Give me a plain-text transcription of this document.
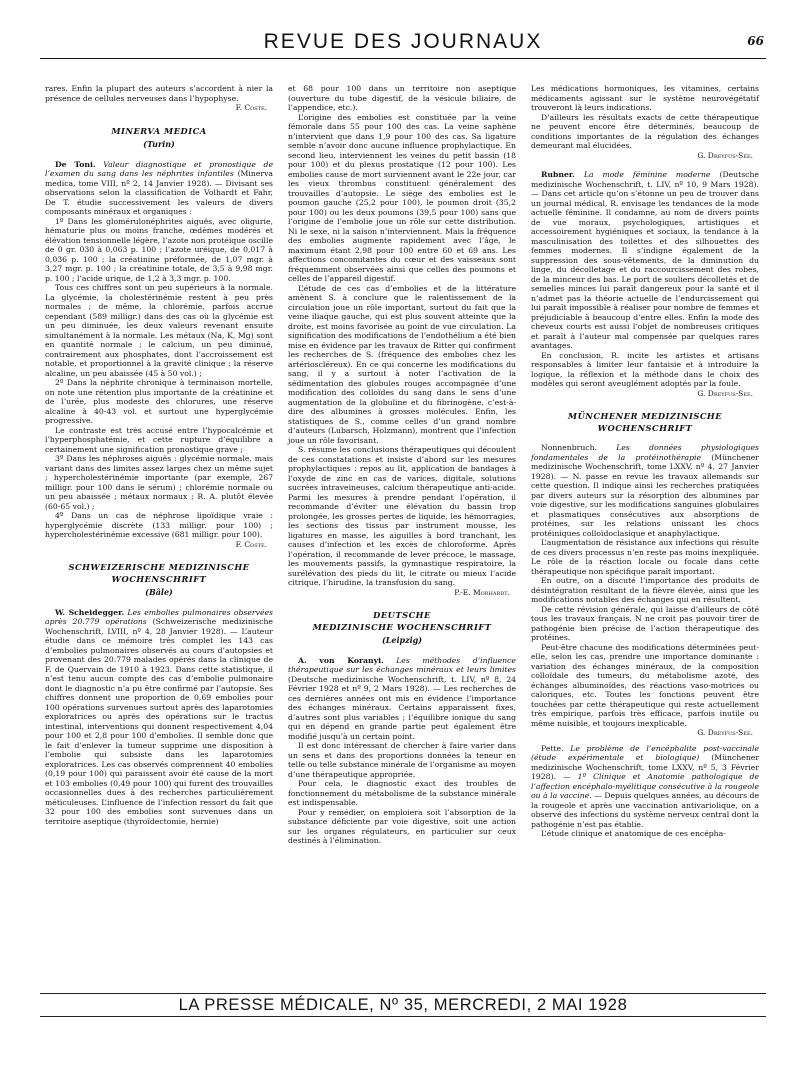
REVUE DES JOURNAUX	66

rares. Enfin la plupart des auteurs s’accordent à nier la présence de cellules nerveuses dans l’hypophyse.

F. Coste.
MINERVA MEDICA
(Turin)

De Toni. Valeur diagnostique et pronostique de l’examen du sang dans les néphrites infantiles (Minerva medica, tome VIII, nº 2, 14 Janvier 1928). — Divisant ses observations selon la classification de Volhardt et Fahr, De T. étudie successivement les valeurs de divers composants minéraux et organiques :

1º Dans les glomérulonéphrites aiguës, avec oligurie, hématurie plus ou moins franche, œdèmes modérés et élévation tensionnelle légère, l’azote non protéique oscille de 0 gr. 030 à 0,063 p. 100 ; l’azote uréique, de 0,017 à 0,036 p. 100 ; la créatinine préformée, de 1,07 mgr. à 3,27 mgr. p. 100 ; la créatinine totale, de 3,5 à 9,98 mgr. p. 100 ; l’acide urique, de 1,2 à 3,3 mgr. p. 100.

Tous ces chiffres sont un peu supérieurs à la normale. La glycémie, la cholestérinémie restent à peu près normales ; de même, la chlorémie, parfois accrue cependant (589 milligr.) dans des cas où la glycémie est un peu diminuée, les deux valeurs revenant ensuite simultanément à la normale. Les métaux (Na, K, Mg) sont en quantité normale ; le calcium, un peu diminué, contrairement aux phosphates, dont l’accroissement est notable, et proportionnel à la gravité clinique ; la réserve alcaline, un peu abaissée (45 à 50 vol.) ;

2º Dans la néphrite chronique à terminaison mortelle, on note une rétention plus importante de la créatinine et de l’urée, plus modeste des chlorures, une réserve alcaline à 40-43 vol. et surtout une hyperglycémie progressive.

Le contraste est très accusé entre l’hypocalcémie et l’hyperphosphatémie, et cette rupture d’équilibre a certainement une signification pronostique grave ;

3º Dans les néphroses aiguës : glycémie normale, mais variant dans des limites assez larges chez un même sujet ; hypercholestérinémie importante (par exemple, 267 milligr. pour 100 dans le sérum) ; chlorémie normale ou un peu abaissée ; métaux normaux ; R. A. plutôt élevée (60-65 vol.) ;

4º Dans un cas de néphrose lipoïdique vraie : hyperglycémie discrète (133 milligr. pour 100) ; hypercholestérinémie excessive (681 milligr. pour 100).

F. Coste.
SCHWEIZERISCHE MEDIZINISCHE
WOCHENSCHRIFT
(Bâle)

W. Scheidegger. Les embolies pulmonaires observées après 20.779 opérations (Schweizerische medizinische Wochenschrift, LVIII, nº 4, 28 Janvier 1928). — L’auteur étudie dans ce mémoire très complet les 143 cas d’embolies pulmonaires observés au cours d’autopsies et provenant des 20.779 malades opérés dans la clinique de F. de Quervain de 1910 à 1923. Dans cette statistique, il n’est tenu aucun compte des cas d’embolie pulmonaire dont le diagnostic n’a pu être confirmé par l’autopsie. Ses chiffres donnent une proportion de 0,69 embolies pour 100 opérations survenues surtout après des laparotomies exploratrices ou après des opérations sur le tractus intestinal, interventions qui donnent respectivement 4,04 pour 100 et 2,8 pour 100 d’embolies. Il semble donc que le fait d’enlever la tumeur supprime une disposition à l’embolie qui subsiste dans les laparotomies exploratrices. Les cas observés comprennent 40 embolies (0,19 pour 100) qui paraissent avoir été cause de la mort et 103 embolies (0,49 pour 100) qui furent des trouvailles occasionnelles dues à des recherches particulièrement méticuleuses. L’influence de l’infection ressort du fait que 32 pour 100 des embolies sont survenues dans un territoire aseptique (thyroïdectomie, hernie)

et 68 pour 100 dans un territoire non aseptique (ouverture du tube digestif, de la vésicule biliaire, de l’appendice, etc.).

L’origine des embolies est constituée par la veine fémorale dans 55 pour 100 des cas. La veine saphène n’intervient que dans 1,9 pour 100 des cas. Sa ligature semble n’avoir donc aucune influence prophylactique. En second lieu, interviennent les veines du petit bassin (18 pour 100) et du plexus prostatique (12 pour 100). Les embolies cause de mort surviennent avant le 22e jour, car les vieux thrombus constituent généralement des trouvailles d’autopsie. Le siège des embolies est le poumon gauche (25,2 pour 100), le poumon droit (35,2 pour 100) ou les deux poumons (39,5 pour 100) sans que l’origine de l’embolie joue un rôle sur cette distribution. Ni le sexe, ni la saison n’interviennent. Mais la fréquence des embolies augmente rapidement avec l’âge, le maximum étant 2,98 pour 100 entre 60 et 69 ans. Les affections concomitantes du cœur et des vaisseaux sont fréquemment observées ainsi que celles des poumons et celles de l’appareil digestif.

L’étude de ces cas d’embolies et de la littérature amènent S. à conclure que le ralentissement de la circulation joue un rôle important, surtout du fait que la veine iliaque gauche, qui est plus souvent atteinte que la droite, est moins favorisée au point de vue circulation. La signification des modifications de l’endothélium a été bien mise en évidence par les travaux de Ritter qui confirment les recherches de S. (fréquence des embolies chez les artérioscléreux). En ce qui concerne les modifications du sang, il y a surtout à noter l’activation de la sédimentation des globules rouges accompagnée d’une modification des colloïdes du sang dans le sens d’une augmentation de la globuline et du fibrinogène, c’est-à-dire des albumines à grosses molécules. Enfin, les statistiques de S., comme celles d’un grand nombre d’auteurs (Lubarsch, Holzmann), montrent que l’infection joue un rôle favorisant.

S. résume les conclusions thérapeutiques qui découlent de ces constatations et insiste d’abord sur les mesures prophylactiques : repos au lit, application de bandages à l’oxyde de zinc en cas de varices, digitale, solutions sucrées intraveineuses, calcium thérapeutique anti-acide. Parmi les mesures à prendre pendant l’opération, il recommande d’éviter une élévation du bassin trop prolongée, les grosses pertes de liquide, les hémorragies, les sections des tissus par instrument mousse, les ligatures en masse, les aiguilles à bord tranchant, les causes d’infection et les excès de chloroforme. Après l’opération, il recommande de lever précoce, le massage, les mouvements passifs, la gymnastique respiratoire, la surélévation des pieds du lit, le citrate ou mieux l’acide citrique, l’hirudine, la transfusion du sang.

P.-E. Morhardt.
DEUTSCHE
MEDIZINISCHE WOCHENSCHRIFT
(Leipzig)

A. von Koranyi. Les méthodes d’influence thérapeutique sur les échanges minéraux et leurs limites (Deutsche medizinische Wochenschrift, t. LIV, nº 8, 24 Février 1928 et nº 9, 2 Mars 1928). — Les recherches de ces dernières années ont mis en évidence l’importance des échanges minéraux. Certains apparaissent fixes, d’autres sont plus variables ; l’équilibre ionique du sang qui en dépend en grande partie peut également être modifié jusqu’à un certain point.

Il est donc intéressant de chercher à faire varier dans un sens et dans des proportions données la teneur en telle ou telle substance minérale de l’organisme au moyen d’une thérapeutique appropriée.

Pour cela, le diagnostic exact des troubles de fonctionnement du métabolisme de la substance minérale est indispensable.

Pour y remédier, on emploiera soit l’absorption de la substance déficiente par voie digestive, soit une action sur les organes régulateurs, en particulier sur ceux destinés à l’élimination.

Les médications hormoniques, les vitamines, certains médicaments agissant sur le système neurovégétatif trouveront là leurs indications.

D’ailleurs les résultats exacts de cette thérapeutique ne peuvent encore être déterminés, beaucoup de conditions importantes de la régulation des échanges demeurant mal élucidées.

G. Dreyfus-Sée.

Rubner. La mode féminine moderne (Deutsche medizinische Wochenschrift, t. LIV, nº 10, 9 Mars 1928). — Dans cet article qu’on s’étonne un peu de trouver dans un journal médical, R. envisage les tendances de la mode actuelle féminine. Il condamne, au nom de divers points de vue moraux, psychologiques, artistiques et accessoirement hygiéniques et sociaux, la tendance à la masculinisation des toilettes et des silhouettes des femmes modernes. Il s’indigne également de la suppression des sous-vêtements, de la diminution du linge, du décolletage et du raccourcissement des robes, de la minceur des bas. Le port de souliers décolletés et de semelles minces lui paraît dangereux pour la santé et il n’admet pas la théorie actuelle de l’endurcissement qui lui paraît impossible à réaliser pour nombre de femmes et préjudiciable à beaucoup d’entre elles. Enfin la mode des cheveux courts est aussi l’objet de nombreuses critiques et paraît à l’auteur mal compensée par quelques rares avantages.

En conclusion, R. incite les artistes et artisans responsables à limiter leur fantaisie et à introduire la logique, la réflexion et la méthode dans le choix des modèles qui seront aveuglément adoptés par la foule.

G. Dreyfus-Sée.
MÜNCHENER MEDIZINISCHE
WOCHENSCHRIFT

Nonnenbruch.	Les données physiologiques fondamentales de la protéinothérapie (Münchener medizinische Wochenschrift, tome LXXV, nº 4, 27 Janvier 1928). — N. passe en revue les travaux allemands sur cette question. Il indique ainsi les recherches pratiquées par divers auteurs sur la résorption des albumines par voie digestive, sur les modifications sanguines globulaires et plasmatiques consécutives aux absorptions de protéines, sur les relations unissant les chocs protéiniques colloïdoclasique et anaphylactique.

L’augmentation de résistance aux infections qui résulte de ces divers processus n’en reste pas moins inexpliquée. Le rôle de la réaction locale ou focale dans cette thérapeutique non spécifique paraît important.

En outre, on a discuté l’importance des produits de désintégration résultant de la fièvre élevée, ainsi que les modifications notables des échanges qui en résultent.

De cette révision générale, qui laisse d’ailleurs de côté tous les travaux français, N ne croit pas pouvoir tirer de pathogénie bien précise de l’action thérapeutique des protéines.

Peut-être chacune des modifications déterminées peut-elle, selon les cas, prendre une importance dominante : variation des échanges minéraux, de la composition colloïdale des tumeurs, du métabolisme azoté, des échanges albuminoïdes, des réactions vaso-motrices ou caloriques, etc. Toutes les fonctions peuvent être touchées par cette thérapeutique qui reste actuellement très empirique, parfois très efficace, parfois inutile ou même nuisible, et toujours inexplicable.

G. Dreyfus-Sée.

Pette. Le problème de l’encéphalite post-vaccinale (étude expérimentale et biologique) (Münchener medizinische Wochenschrift, tome LXXV, nº 5, 3 Février 1928). — 1º Clinique et Anatomie pathologique de l’affection encéphalo-myélitique consécutive à la rougeole ou à la vaccine. — Depuis quelques années, au décours de la rougeole et après une vaccination antivariolique, on a observé des infections du système nerveux central dont la pathogénie n’est pas établie.

L’étude clinique et anatomique de ces encépha-

LA PRESSE MÉDICALE, Nº 35, MERCREDI, 2 MAI 1928
